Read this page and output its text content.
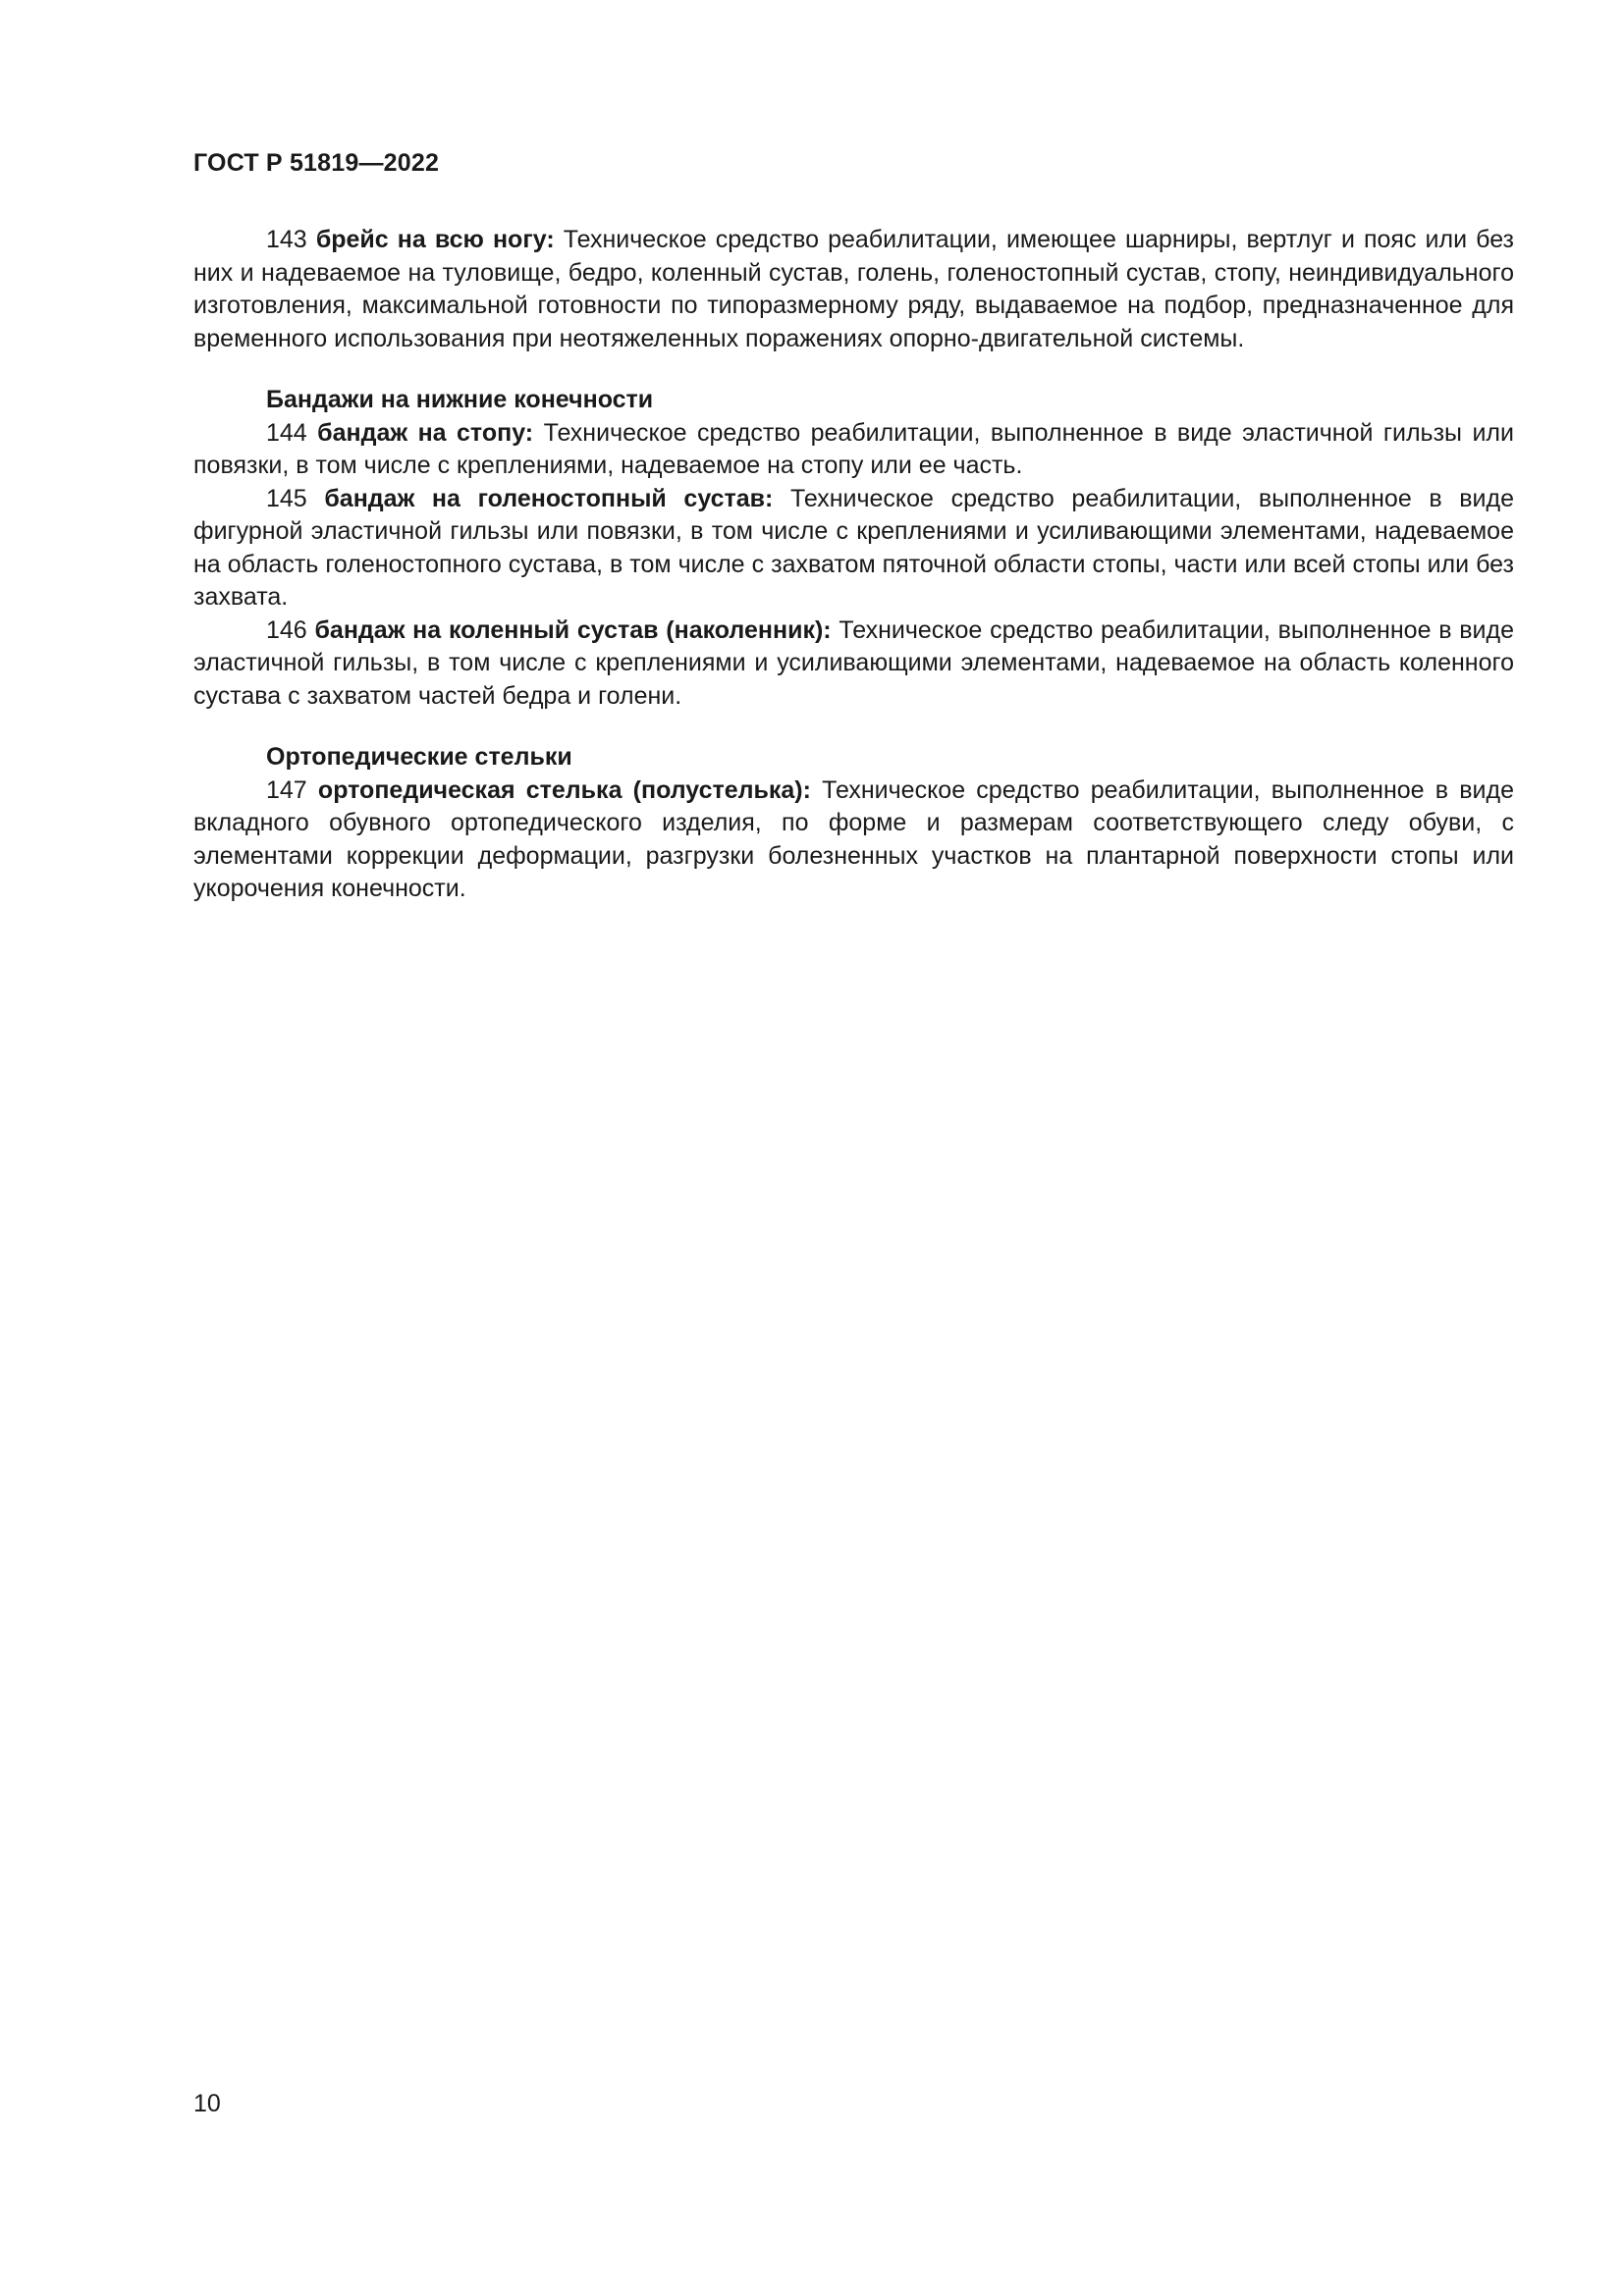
ГОСТ Р 51819—2022

143 брейс на всю ногу: Техническое средство реабилитации, имеющее шарниры, вертлуг и пояс или без них и надеваемое на туловище, бедро, коленный сустав, голень, голеностопный сустав, стопу, неиндивидуального изготовления, максимальной готовности по типоразмерному ряду, выдаваемое на подбор, предназначенное для временного использования при неотяжеленных поражениях опорно-двигательной системы.

Бандажи на нижние конечности

144 бандаж на стопу: Техническое средство реабилитации, выполненное в виде эластичной гильзы или повязки, в том числе с креплениями, надеваемое на стопу или ее часть.

145 бандаж на голеностопный сустав: Техническое средство реабилитации, выполненное в виде фигурной эластичной гильзы или повязки, в том числе с креплениями и усиливающими элементами, надеваемое на область голеностопного сустава, в том числе с захватом пяточной области стопы, части или всей стопы или без захвата.

146 бандаж на коленный сустав (наколенник): Техническое средство реабилитации, выполненное в виде эластичной гильзы, в том числе с креплениями и усиливающими элементами, надеваемое на область коленного сустава с захватом частей бедра и голени.

Ортопедические стельки

147 ортопедическая стелька (полустелька): Техническое средство реабилитации, выполненное в виде вкладного обувного ортопедического изделия, по форме и размерам соответствующего следу обуви, с элементами коррекции деформации, разгрузки болезненных участков на плантарной поверхности стопы или укорочения конечности.

10
